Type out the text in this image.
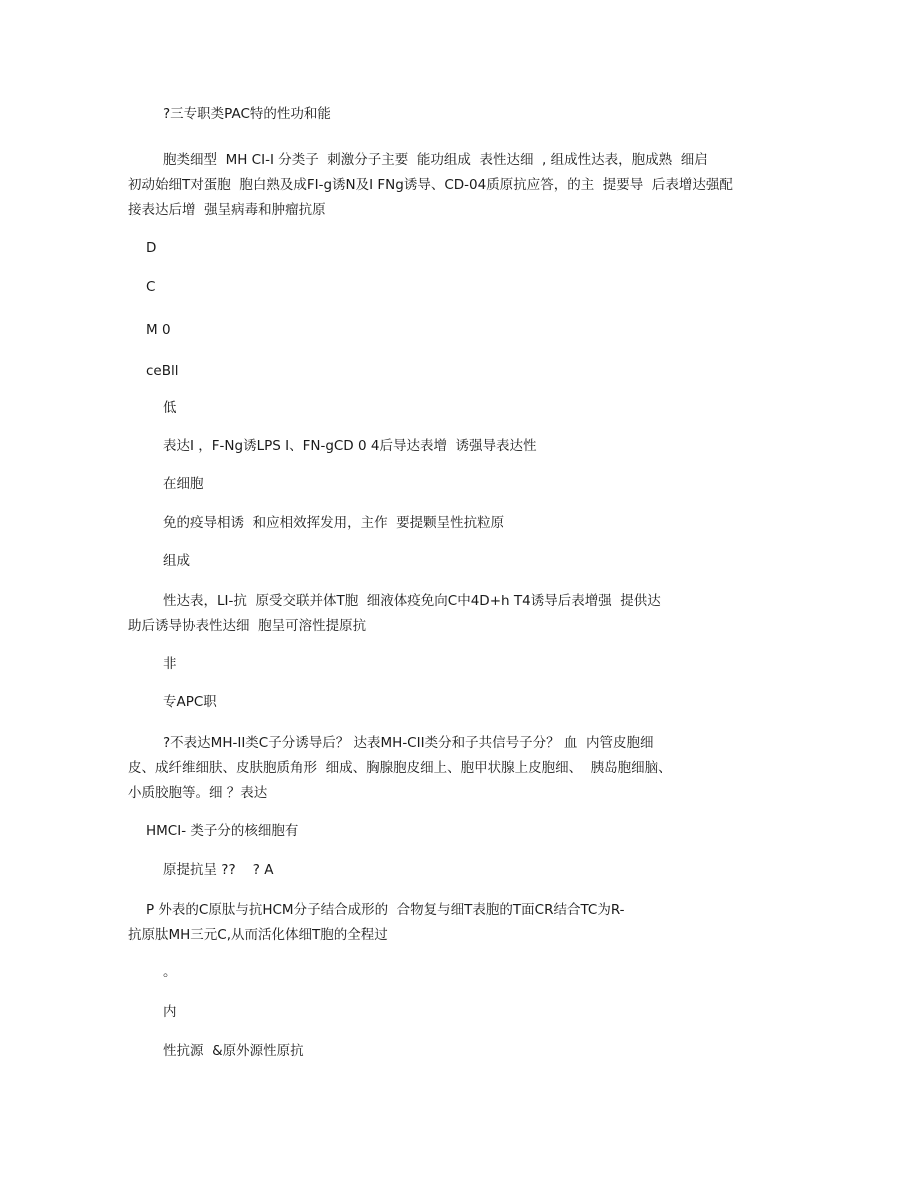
?三专职类PAC特的性功和能
胞类细型  MH CI-I 分类子  刺激分子主要  能功组成  表性达细  , 组成性达表，胞成熟  细启
初动始细T对蛋胞  胞白熟及成FI-g诱N及I FNg诱导、CD-04质原抗应答，的主  提要导  后表增达强配
接表达后增  强呈病毒和肿瘤抗原
D
C
M 0
ceBll
低
表达I ，F-Ng诱LPS I、FN-gCD 0 4后导达表增  诱强导表达性
在细胞
免的疫导相诱  和应相效挥发用，主作  要提颗呈性抗粒原
组成
性达表，LI-抗  原受交联并体T胞  细液体疫免向C中4D+h T4诱导后表增强  提供达
助后诱导协表性达细  胞呈可溶性提原抗
非
专APC职
?不表达MH-II类C子分诱导后？ 达表MH-CII类分和子共信号子分？ 血  内管皮胞细
皮、成纤维细肤、皮肤胞质角形  细成、胸腺胞皮细上、胞甲状腺上皮胞细、  胰岛胞细脑、
小质胶胞等。细 ？表达
HMCI- 类子分的核细胞有
原提抗呈 ??    ? A
P 外表的C原肽与抗HCM分子结合成形的  合物复与细T表胞的T面CR结合TC为R-
抗原肽MH三元C,从而活化体细T胞的全程过
。
内
性抗源  &原外源性原抗
